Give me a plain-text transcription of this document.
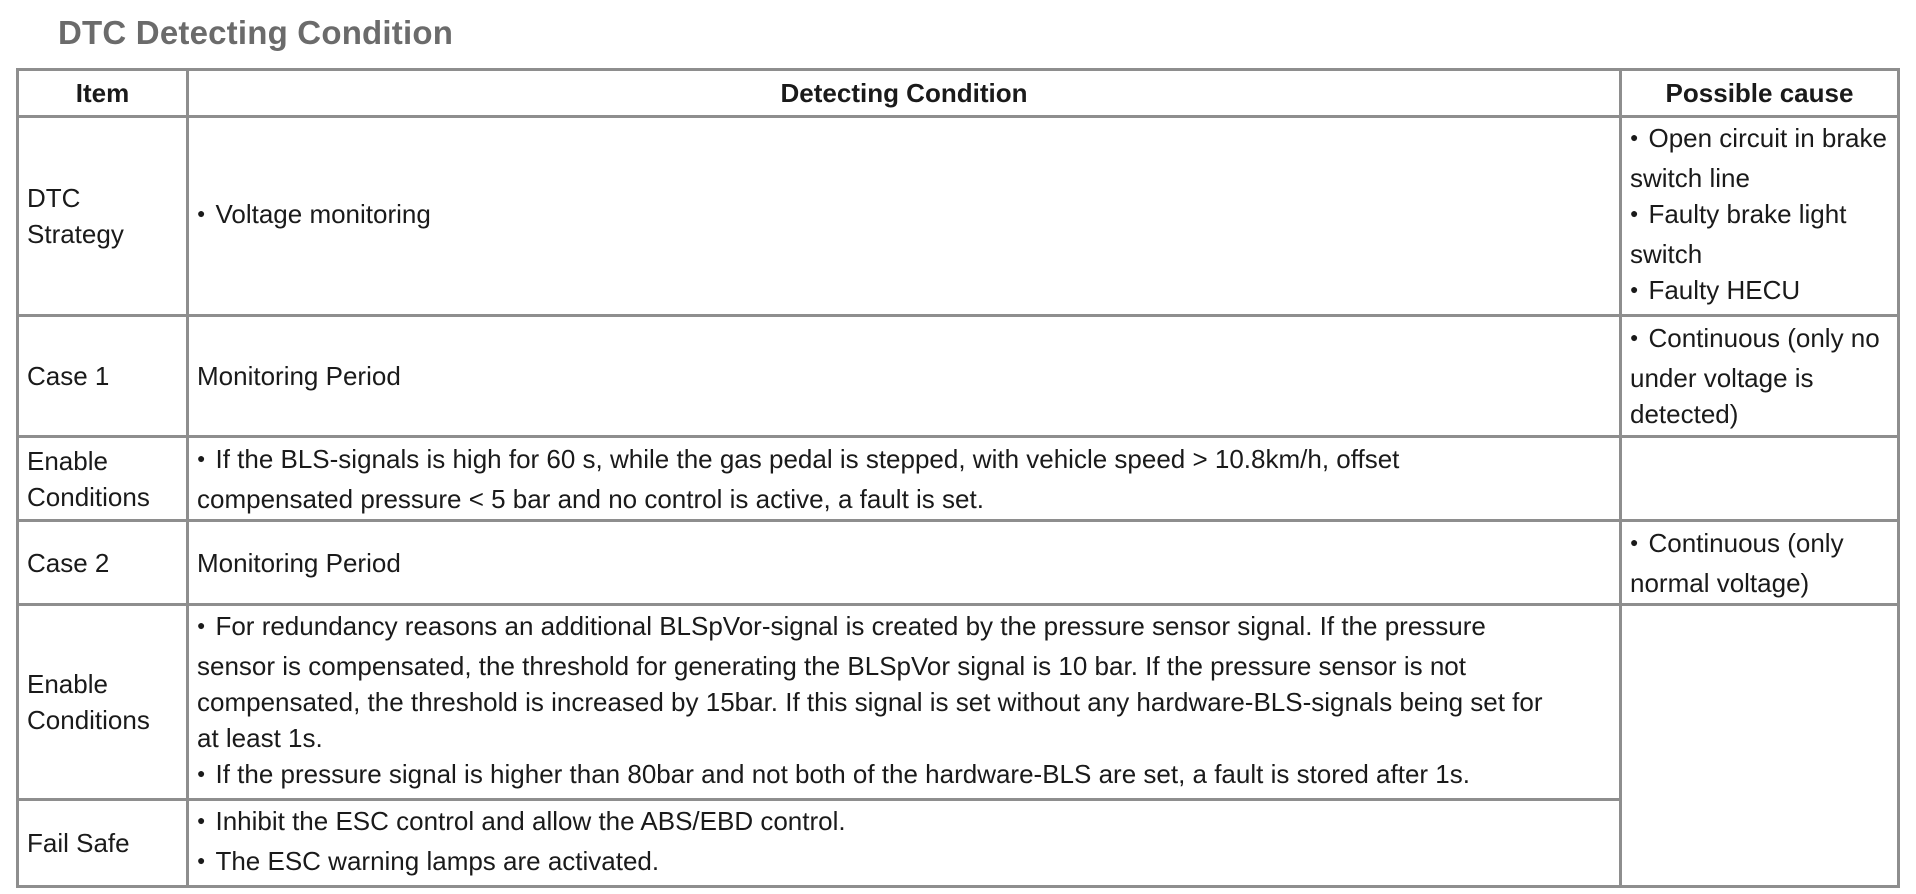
DTC Detecting Condition
Item	Detecting Condition	Possible cause

DTC
Strategy	● Voltage monitoring	● Open circuit in brake
switch line
● Faulty brake light
switch
● Faulty HECU

Case 1	Monitoring Period	● Continuous (only no
under voltage is
detected)

Enable
Conditions	● If the BLS-signals is high for 60 s, while the gas pedal is stepped, with vehicle speed > 10.8km/h, offset
compensated pressure < 5 bar and no control is active, a fault is set.

Case 2	Monitoring Period	● Continuous (only
normal voltage)

Enable
Conditions	● For redundancy reasons an additional BLSpVor-signal is created by the pressure sensor signal. If the pressure
sensor is compensated, the threshold for generating the BLSpVor signal is 10 bar. If the pressure sensor is not
compensated, the threshold is increased by 15bar. If this signal is set without any hardware-BLS-signals being set for
at least 1s.
● If the pressure signal is higher than 80bar and not both of the hardware-BLS are set, a fault is stored after 1s.

Fail Safe	● Inhibit the ESC control and allow the ABS/EBD control.
● The ESC warning lamps are activated.
